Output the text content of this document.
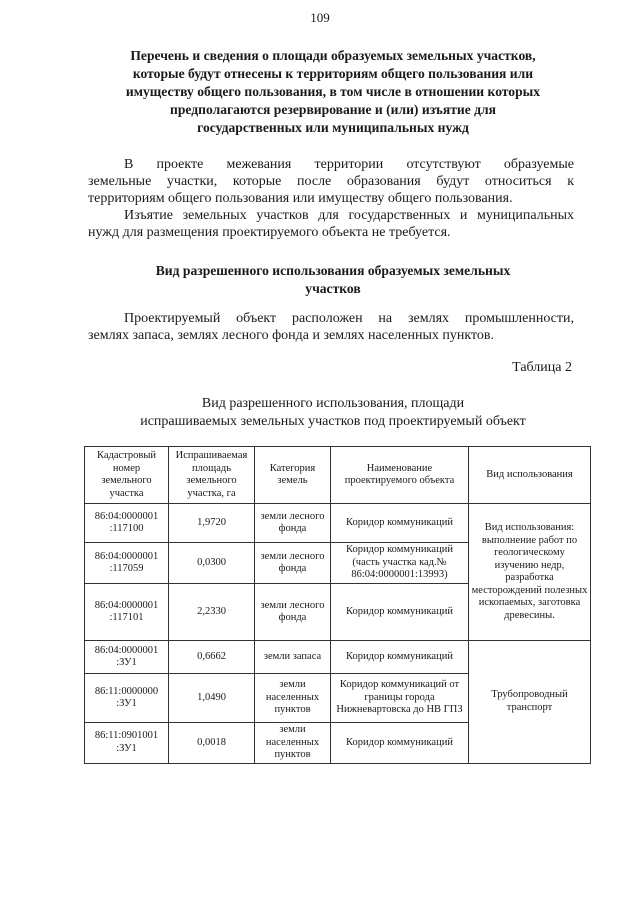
109
Перечень и сведения о площади образуемых земельных участков,
которые будут отнесены к территориям общего пользования или
имуществу общего пользования, в том числе в отношении которых
предполагаются резервирование и (или) изъятие для
государственных или муниципальных нужд
В проекте межевания территории отсутствуют образуемые
земельные участки, которые после образования будут относиться к
территориям общего пользования или имуществу общего пользования.
Изъятие земельных участков для государственных и муниципальных
нужд для размещения проектируемого объекта не требуется.
Вид разрешенного использования образуемых земельных
участков
Проектируемый объект расположен на землях промышленности,
землях запаса, землях лесного фонда и землях населенных пунктов.
Таблица 2
Вид разрешенного использования, площади
испрашиваемых земельных участков под проектируемый объект
Кадастровый номер земельного участка	Испрашиваемая площадь земельного участка, га	Категория земель	Наименование проектируемого объекта	Вид использования
86:04:0000001 :117100	1,9720	земли лесного фонда	Коридор коммуникаций	Вид использования: выполнение работ по геологическому изучению недр, разработка месторождений полезных ископаемых, заготовка древесины.

86:04:0000001 :117059	0,0300	земли лесного фонда	Коридор коммуникаций (часть участка кад.№ 86:04:0000001:13993)	
86:04:0000001 :117101	2,2330	земли лесного фонда	Коридор коммуникаций	
86:04:0000001 :ЗУ1	0,6662	земли запаса	Коридор коммуникаций	Трубопроводный транспорт

86:11:0000000 :ЗУ1	1,0490	земли населенных пунктов	Коридор коммуникаций от границы города Нижневартовска до НВ ГПЗ	
86:11:0901001 :ЗУ1	0,0018	земли населенных пунктов	Коридор коммуникаций	
